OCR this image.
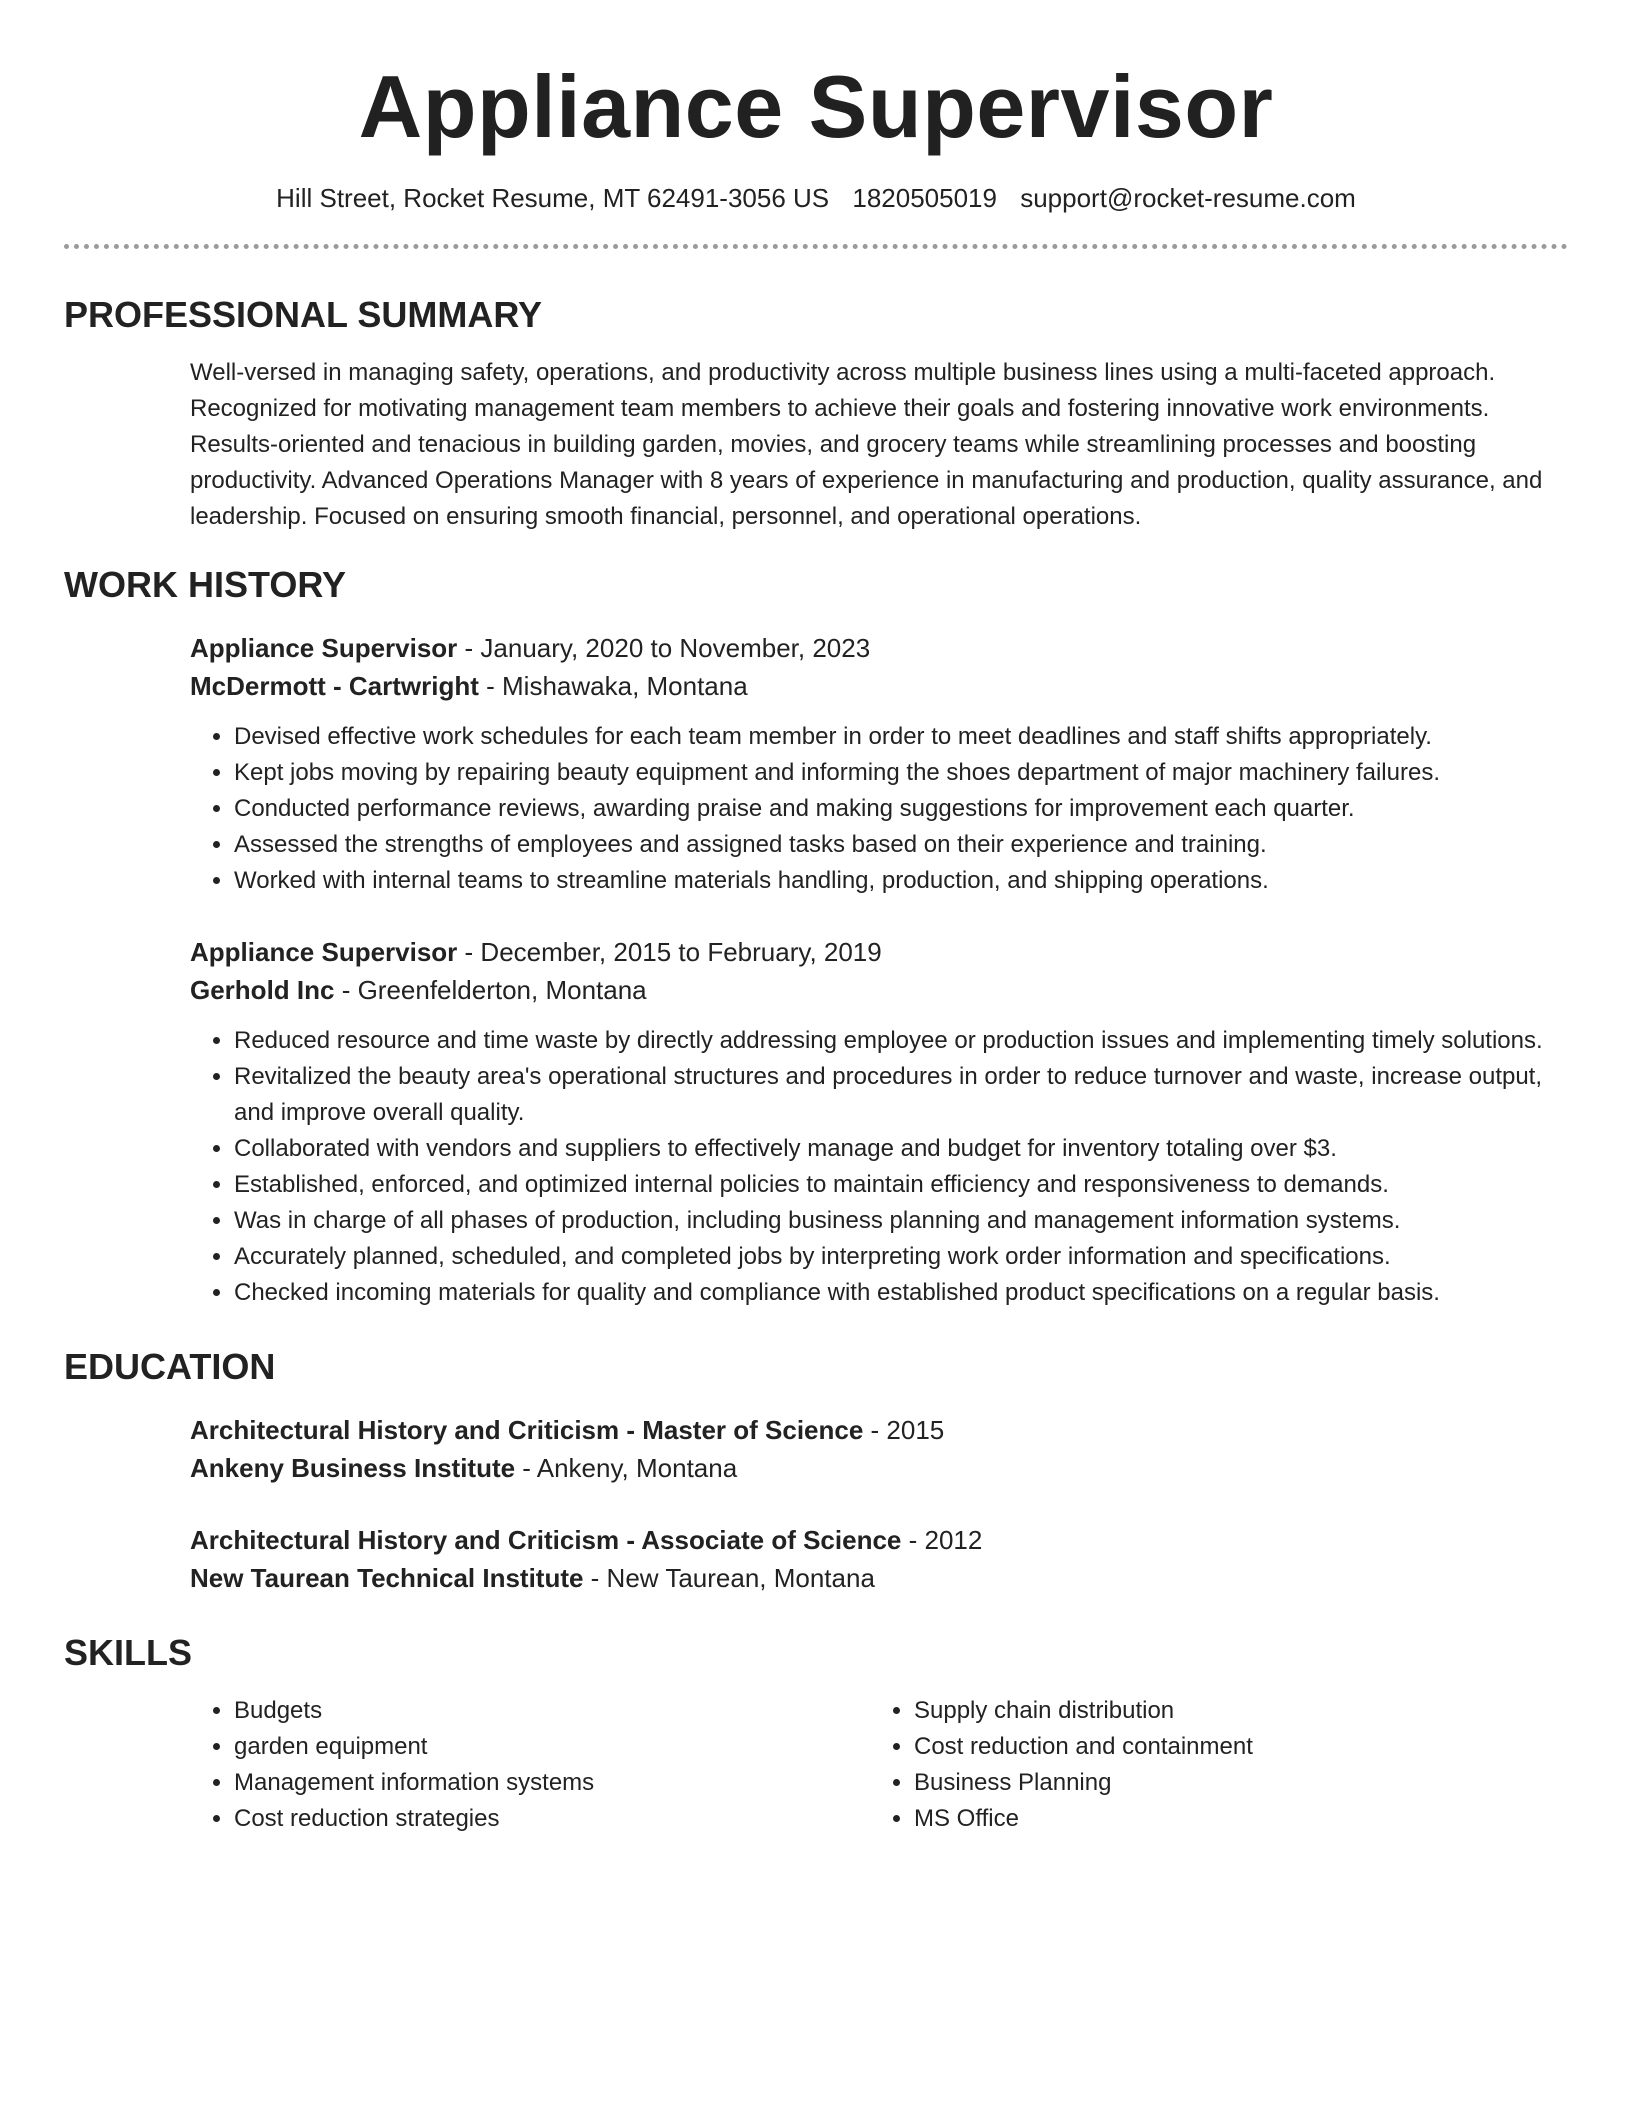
Appliance Supervisor
Hill Street, Rocket Resume, MT 62491-3056 US 1820505019 support@rocket-resume.com
PROFESSIONAL SUMMARY

Well-versed in managing safety, operations, and productivity across multiple business lines using a multi-faceted approach. Recognized for motivating management team members to achieve their goals and fostering innovative work environments. Results-oriented and tenacious in building garden, movies, and grocery teams while streamlining processes and boosting productivity. Advanced Operations Manager with 8 years of experience in manufacturing and production, quality assurance, and leadership. Focused on ensuring smooth financial, personnel, and operational operations.

WORK HISTORY
Appliance Supervisor - January, 2020 to November, 2023
McDermott - Cartwright - Mishawaka, Montana
• Devised effective work schedules for each team member in order to meet deadlines and staff shifts appropriately.
• Kept jobs moving by repairing beauty equipment and informing the shoes department of major machinery failures.
• Conducted performance reviews, awarding praise and making suggestions for improvement each quarter.
• Assessed the strengths of employees and assigned tasks based on their experience and training.
• Worked with internal teams to streamline materials handling, production, and shipping operations.
Appliance Supervisor - December, 2015 to February, 2019
Gerhold Inc - Greenfelderton, Montana
• Reduced resource and time waste by directly addressing employee or production issues and implementing timely solutions.
• Revitalized the beauty area's operational structures and procedures in order to reduce turnover and waste, increase output, and improve overall quality.
• Collaborated with vendors and suppliers to effectively manage and budget for inventory totaling over $3.
• Established, enforced, and optimized internal policies to maintain efficiency and responsiveness to demands.
• Was in charge of all phases of production, including business planning and management information systems.
• Accurately planned, scheduled, and completed jobs by interpreting work order information and specifications.
• Checked incoming materials for quality and compliance with established product specifications on a regular basis.
EDUCATION
Architectural History and Criticism - Master of Science - 2015
Ankeny Business Institute - Ankeny, Montana
Architectural History and Criticism - Associate of Science - 2012
New Taurean Technical Institute - New Taurean, Montana
SKILLS
• Budgets
• garden equipment
• Management information systems
• Cost reduction strategies
• Supply chain distribution
• Cost reduction and containment
• Business Planning
• MS Office
